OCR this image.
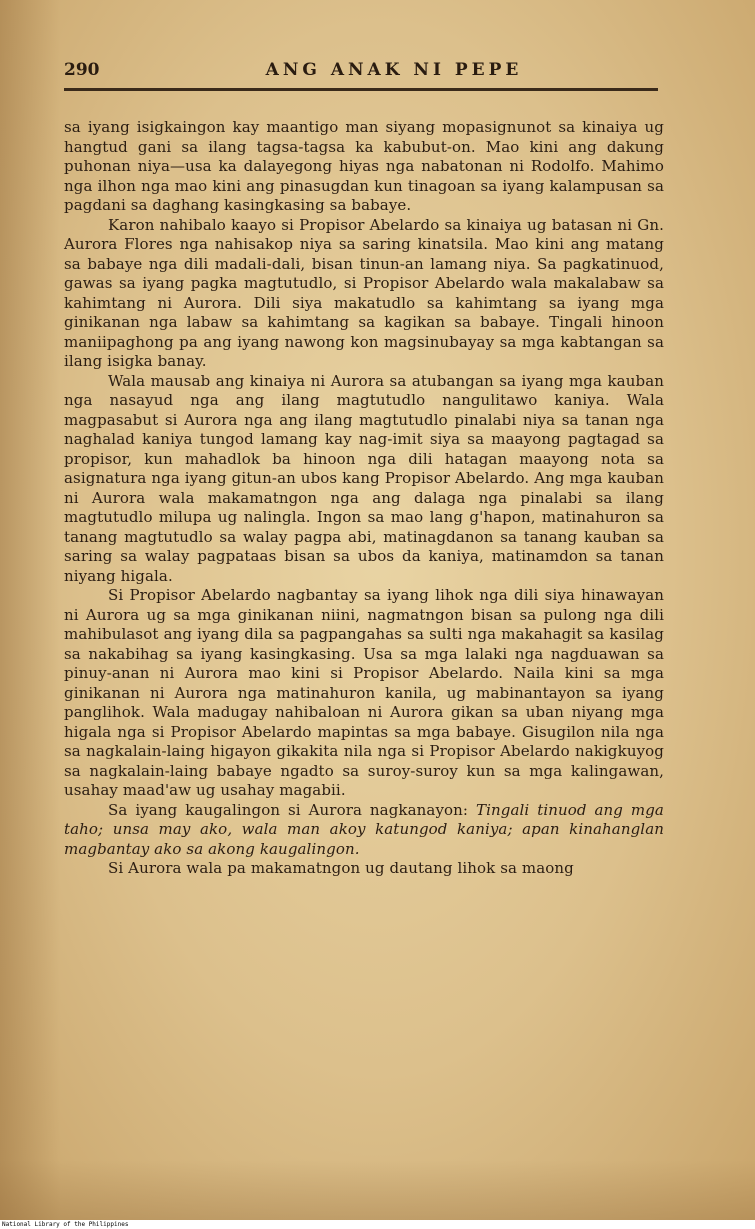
290	ANG ANAK NI PEPE

sa iyang isigkaingon kay maantigo man siyang mopasignunot sa kinaiya ug hangtud gani sa ilang tagsa-tagsa ka kabubut-on. Mao kini ang dakung puhonan niya—usa ka dalayegong hiyas nga nabatonan ni Rodolfo. Mahimo nga ilhon nga mao kini ang pinasugdan kun tinagoan sa iyang kalampusan sa pagdani sa daghang kasingkasing sa babaye.

Karon nahibalo kaayo si Propisor Abelardo sa kinaiya ug batasan ni Gn. Aurora Flores nga nahisakop niya sa saring kinatsila. Mao kini ang matang sa babaye nga dili madali-dali, bisan tinun-an lamang niya. Sa pagkatinuod, gawas sa iyang pagka magtutudlo, si Propisor Abelardo wala makalabaw sa kahimtang ni Aurora. Dili siya makatudlo sa kahimtang sa iyang mga ginikanan nga labaw sa kahimtang sa kagikan sa babaye. Tingali hinoon maniipaghong pa ang iyang nawong kon magsinubayay sa mga kabtangan sa ilang isigka banay.

Wala mausab ang kinaiya ni Aurora sa atubangan sa iyang mga kauban nga nasayud nga ang ilang magtutudlo nangulitawo kaniya. Wala magpasabut si Aurora nga ang ilang magtutudlo pinalabi niya sa tanan nga naghalad kaniya tungod lamang kay nag-imit siya sa maayong pagtagad sa propisor, kun mahadlok ba hinoon nga dili hatagan maayong nota sa asignatura nga iyang gitun-an ubos kang Propisor Abelardo. Ang mga kauban ni Aurora wala makamatngon nga ang dalaga nga pinalabi sa ilang magtutudlo milupa ug nalingla. Ingon sa mao lang g'hapon, matinahuron sa tanang magtutudlo sa walay pagpa abi, matinagdanon sa tanang kauban sa saring sa walay pagpataas bisan sa ubos da kaniya, matinamdon sa tanan niyang higala.

Si Propisor Abelardo nagbantay sa iyang lihok nga dili siya hinawayan ni Aurora ug sa mga ginikanan niini, nagmatngon bisan sa pulong nga dili mahibulasot ang iyang dila sa pagpangahas sa sulti nga makahagit sa kasilag sa nakabihag sa iyang kasingkasing. Usa sa mga lalaki nga nagduawan sa pinuy-anan ni Aurora mao kini si Propisor Abelardo. Naila kini sa mga ginikanan ni Aurora nga matinahuron kanila, ug mabinantayon sa iyang panglihok. Wala madugay nahibaloan ni Aurora gikan sa uban niyang mga higala nga si Propisor Abelardo mapintas sa mga babaye. Gisugilon nila nga sa nagkalain-laing higayon gikakita nila nga si Propisor Abelardo nakigkuyog sa nagkalain-laing babaye ngadto sa suroy-suroy kun sa mga kalingawan, usahay maad'aw ug usahay magabii.

Sa iyang kaugalingon si Aurora nagkanayon: Tingali tinuod ang mga taho; unsa may ako, wala man akoy katungod kaniya; apan kinahanglan magbantay ako sa akong kaugalingon.

Si Aurora wala pa makamatngon ug dautang lihok sa maong

National Library of the Philippines
